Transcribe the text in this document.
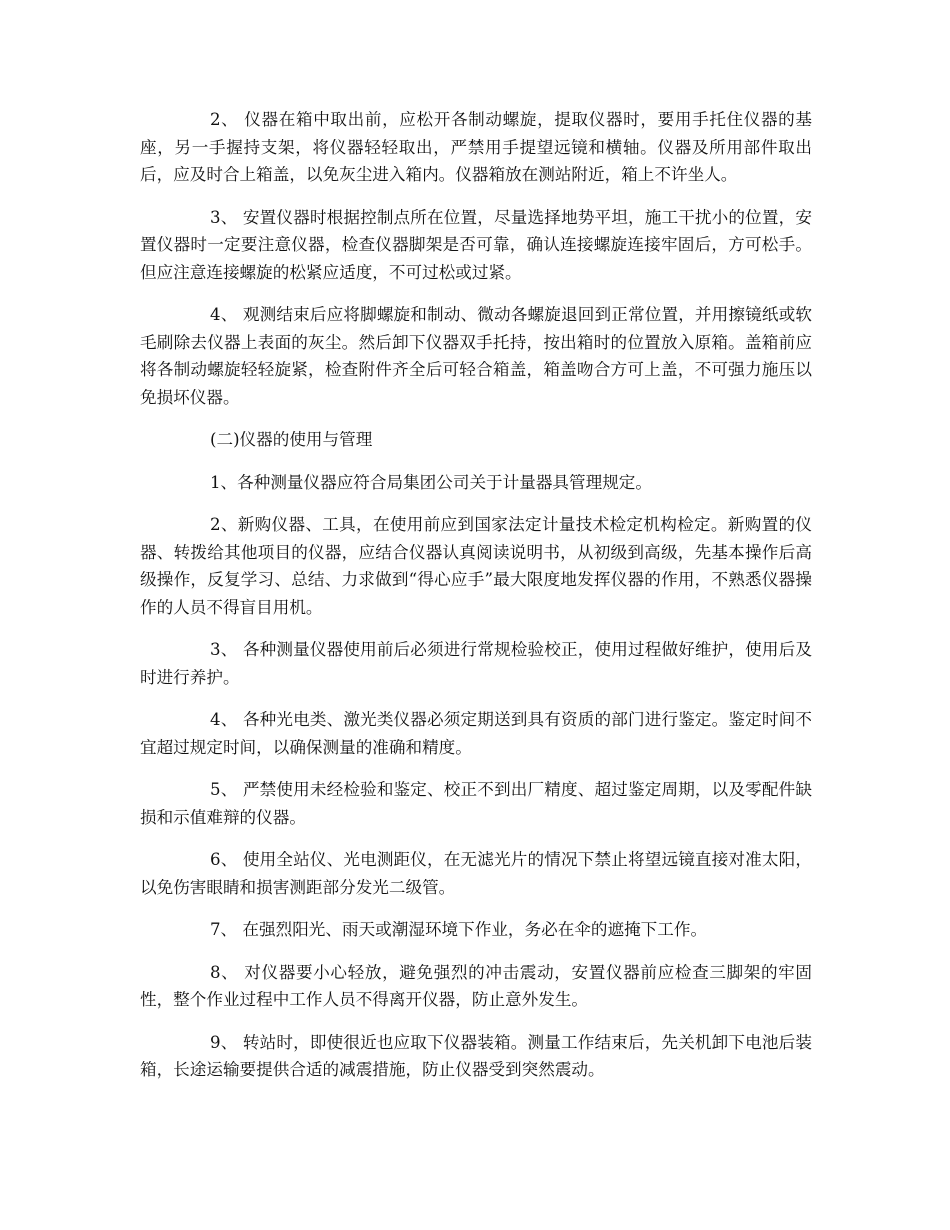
2、 仪器在箱中取出前，应松开各制动螺旋，提取仪器时，要用手托住仪器的基座，另一手握持支架，将仪器轻轻取出，严禁用手提望远镜和横轴。仪器及所用部件取出后，应及时合上箱盖，以免灰尘进入箱内。仪器箱放在测站附近，箱上不许坐人。

3、 安置仪器时根据控制点所在位置，尽量选择地势平坦，施工干扰小的位置，安置仪器时一定要注意仪器，检查仪器脚架是否可靠，确认连接螺旋连接牢固后，方可松手。但应注意连接螺旋的松紧应适度，不可过松或过紧。

4、 观测结束后应将脚螺旋和制动、微动各螺旋退回到正常位置，并用擦镜纸或软毛刷除去仪器上表面的灰尘。然后卸下仪器双手托持，按出箱时的位置放入原箱。盖箱前应将各制动螺旋轻轻旋紧，检查附件齐全后可轻合箱盖，箱盖吻合方可上盖，不可强力施压以免损坏仪器。

(二)仪器的使用与管理

1、各种测量仪器应符合局集团公司关于计量器具管理规定。

2、新购仪器、工具，在使用前应到国家法定计量技术检定机构检定。新购置的仪器、转拨给其他项目的仪器，应结合仪器认真阅读说明书，从初级到高级，先基本操作后高级操作，反复学习、总结、力求做到“得心应手”最大限度地发挥仪器的作用，不熟悉仪器操作的人员不得盲目用机。

3、 各种测量仪器使用前后必须进行常规检验校正，使用过程做好维护，使用后及时进行养护。

4、 各种光电类、激光类仪器必须定期送到具有资质的部门进行鉴定。鉴定时间不宜超过规定时间，以确保测量的准确和精度。

5、 严禁使用未经检验和鉴定、校正不到出厂精度、超过鉴定周期，以及零配件缺损和示值难辩的仪器。

6、 使用全站仪、光电测距仪，在无滤光片的情况下禁止将望远镜直接对准太阳，以免伤害眼睛和损害测距部分发光二级管。

7、 在强烈阳光、雨天或潮湿环境下作业，务必在伞的遮掩下工作。

8、 对仪器要小心轻放，避免强烈的冲击震动，安置仪器前应检查三脚架的牢固性，整个作业过程中工作人员不得离开仪器，防止意外发生。

9、 转站时，即使很近也应取下仪器装箱。测量工作结束后，先关机卸下电池后装箱，长途运输要提供合适的减震措施，防止仪器受到突然震动。
